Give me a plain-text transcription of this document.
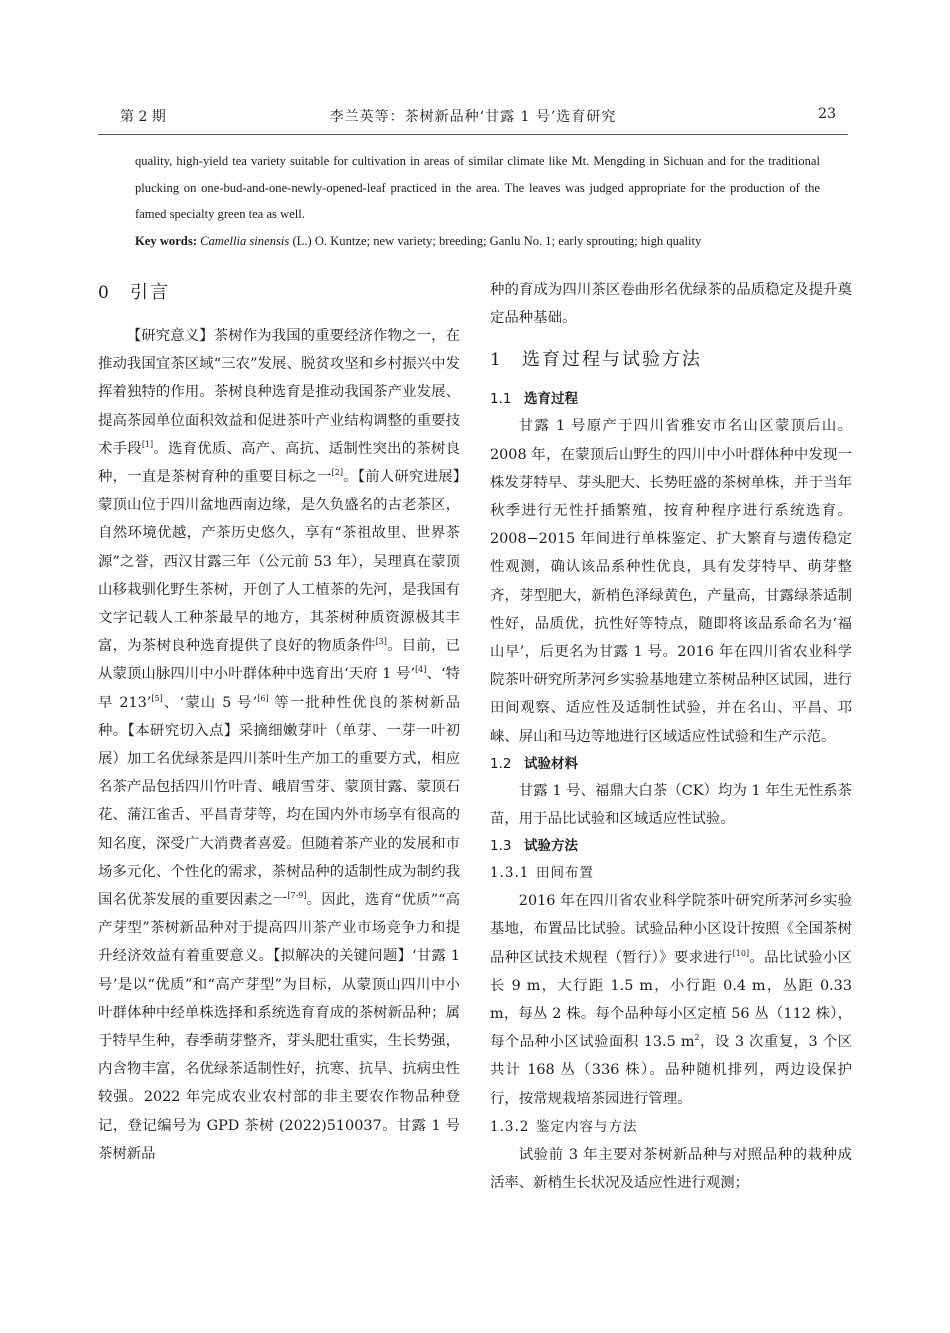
第 2 期	李兰英等：茶树新品种‘甘露 1 号’选育研究	23

quality, high-yield tea variety suitable for cultivation in areas of similar climate like Mt. Mengding in Sichuan and for the traditional plucking on one-bud-and-one-newly-opened-leaf practiced in the area. The leaves was judged appropriate for the production of the famed specialty green tea as well.

Key words: Camellia sinensis (L.) O. Kuntze; new variety; breeding; Ganlu No. 1; early sprouting; high quality

0 引言

【研究意义】茶树作为我国的重要经济作物之一，在推动我国宜茶区域“三农”发展、脱贫攻坚和乡村振兴中发挥着独特的作用。茶树良种选育是推动我国茶产业发展、提高茶园单位面积效益和促进茶叶产业结构调整的重要技术手段[1]。选育优质、高产、高抗、适制性突出的茶树良种，一直是茶树育种的重要目标之一[2]。【前人研究进展】蒙顶山位于四川盆地西南边缘，是久负盛名的古老茶区，自然环境优越，产茶历史悠久，享有“茶祖故里、世界茶源”之誉，西汉甘露三年（公元前 53 年），吴理真在蒙顶山移栽驯化野生茶树，开创了人工植茶的先河，是我国有文字记载人工种茶最早的地方，其茶树种质资源极其丰富，为茶树良种选育提供了良好的物质条件[3]。目前，已从蒙顶山脉四川中小叶群体种中选育出‘天府 1 号’[4]、‘特早 213’[5]、‘蒙山 5 号’[6] 等一批种性优良的茶树新品种。【本研究切入点】采摘细嫩芽叶（单芽、一芽一叶初展）加工名优绿茶是四川茶叶生产加工的重要方式，相应名茶产品包括四川竹叶青、峨眉雪芽、蒙顶甘露、蒙顶石花、蒲江雀舌、平昌青芽等，均在国内外市场享有很高的知名度，深受广大消费者喜爱。但随着茶产业的发展和市场多元化、个性化的需求，茶树品种的适制性成为制约我国名优茶发展的重要因素之一[7-9]。因此，选育“优质”“高产芽型”茶树新品种对于提高四川茶产业市场竞争力和提升经济效益有着重要意义。【拟解决的关键问题】‘甘露 1 号’是以“优质”和“高产芽型”为目标，从蒙顶山四川中小叶群体种中经单株选择和系统选育育成的茶树新品种；属于特早生种，春季萌芽整齐，芽头肥壮重实，生长势强，内含物丰富，名优绿茶适制性好，抗寒、抗旱、抗病虫性较强。2022 年完成农业农村部的非主要农作物品种登记，登记编号为 GPD 茶树 (2022)510037。甘露 1 号茶树新品

种的育成为四川茶区卷曲形名优绿茶的品质稳定及提升奠定品种基础。

1 选育过程与试验方法
1.1 选育过程

甘露 1 号原产于四川省雅安市名山区蒙顶后山。2008 年，在蒙顶后山野生的四川中小叶群体种中发现一株发芽特早、芽头肥大、长势旺盛的茶树单株，并于当年秋季进行无性扦插繁殖，按育种程序进行系统选育。2008−2015 年间进行单株鉴定、扩大繁育与遗传稳定性观测，确认该品系种性优良，具有发芽特早、萌芽整齐，芽型肥大，新梢色泽绿黄色，产量高，甘露绿茶适制性好，品质优，抗性好等特点，随即将该品系命名为‘福山早’，后更名为甘露 1 号。2016 年在四川省农业科学院茶叶研究所茅河乡实验基地建立茶树品种区试园，进行田间观察、适应性及适制性试验，并在名山、平昌、邛崃、屏山和马边等地进行区域适应性试验和生产示范。

1.2 试验材料

甘露 1 号、福鼎大白茶（CK）均为 1 年生无性系茶苗，用于品比试验和区域适应性试验。

1.3 试验方法
1.3.1 田间布置

2016 年在四川省农业科学院茶叶研究所茅河乡实验基地，布置品比试验。试验品种小区设计按照《全国茶树品种区试技术规程（暂行）》要求进行[10]。品比试验小区长 9 m，大行距 1.5 m，小行距 0.4 m，丛距 0.33 m，每丛 2 株。每个品种每小区定植 56 丛（112 株），每个品种小区试验面积 13.5 $m^2$，设 3 次重复，3 个区共计 168 丛（336 株）。品种随机排列，两边设保护行，按常规栽培茶园进行管理。

1.3.2 鉴定内容与方法

试验前 3 年主要对茶树新品种与对照品种的栽种成活率、新梢生长状况及适应性进行观测；
